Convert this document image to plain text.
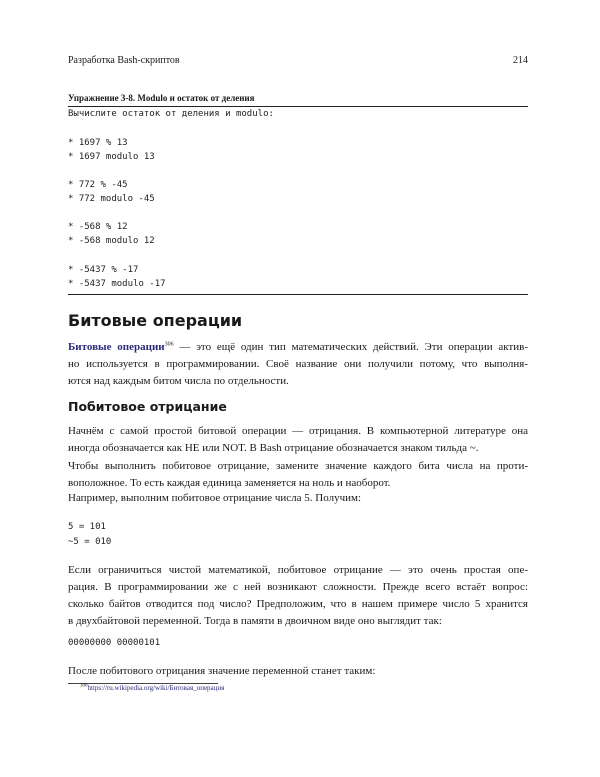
Разработка Bash-скриптов	214
Упражнение 3-8. Modulo и остаток от деления
Вычислите остаток от деления и modulo:
* 1697 % 13
* 1697 modulo 13
* 772 % -45
* 772 modulo -45
* -568 % 12
* -568 modulo 12
* -5437 % -17
* -5437 modulo -17
Битовые операции

Битовые операции$^{306}$ — это ещё один тип математических действий. Эти операции актив-
но используется в программировании. Своё название они получили потому, что выполня-
ются над каждым битом числа по отдельности.

Побитовое отрицание

Начнём с самой простой битовой операции — отрицания. В компьютерной литературе она
иногда обозначается как НЕ или NOT. В Bash отрицание обозначается знаком тильда ~.

Чтобы выполнить побитовое отрицание, замените значение каждого бита числа на проти-
воположное. То есть каждая единица заменяется на ноль и наоборот.

Например, выполним побитовое отрицание числа 5. Получим:

5 = 101
~5 = 010

Если ограничиться чистой математикой, побитовое отрицание — это очень простая опе-
рация. В программировании же с ней возникают сложности. Прежде всего встаёт вопрос:
сколько байтов отводится под число? Предположим, что в нашем примере число 5 хранится
в двухбайтовой переменной. Тогда в памяти в двоичном виде оно выглядит так:

00000000 00000101

После побитового отрицания значение переменной станет таким:

$^{306}$https://ru.wikipedia.org/wiki/Битовая_операция
